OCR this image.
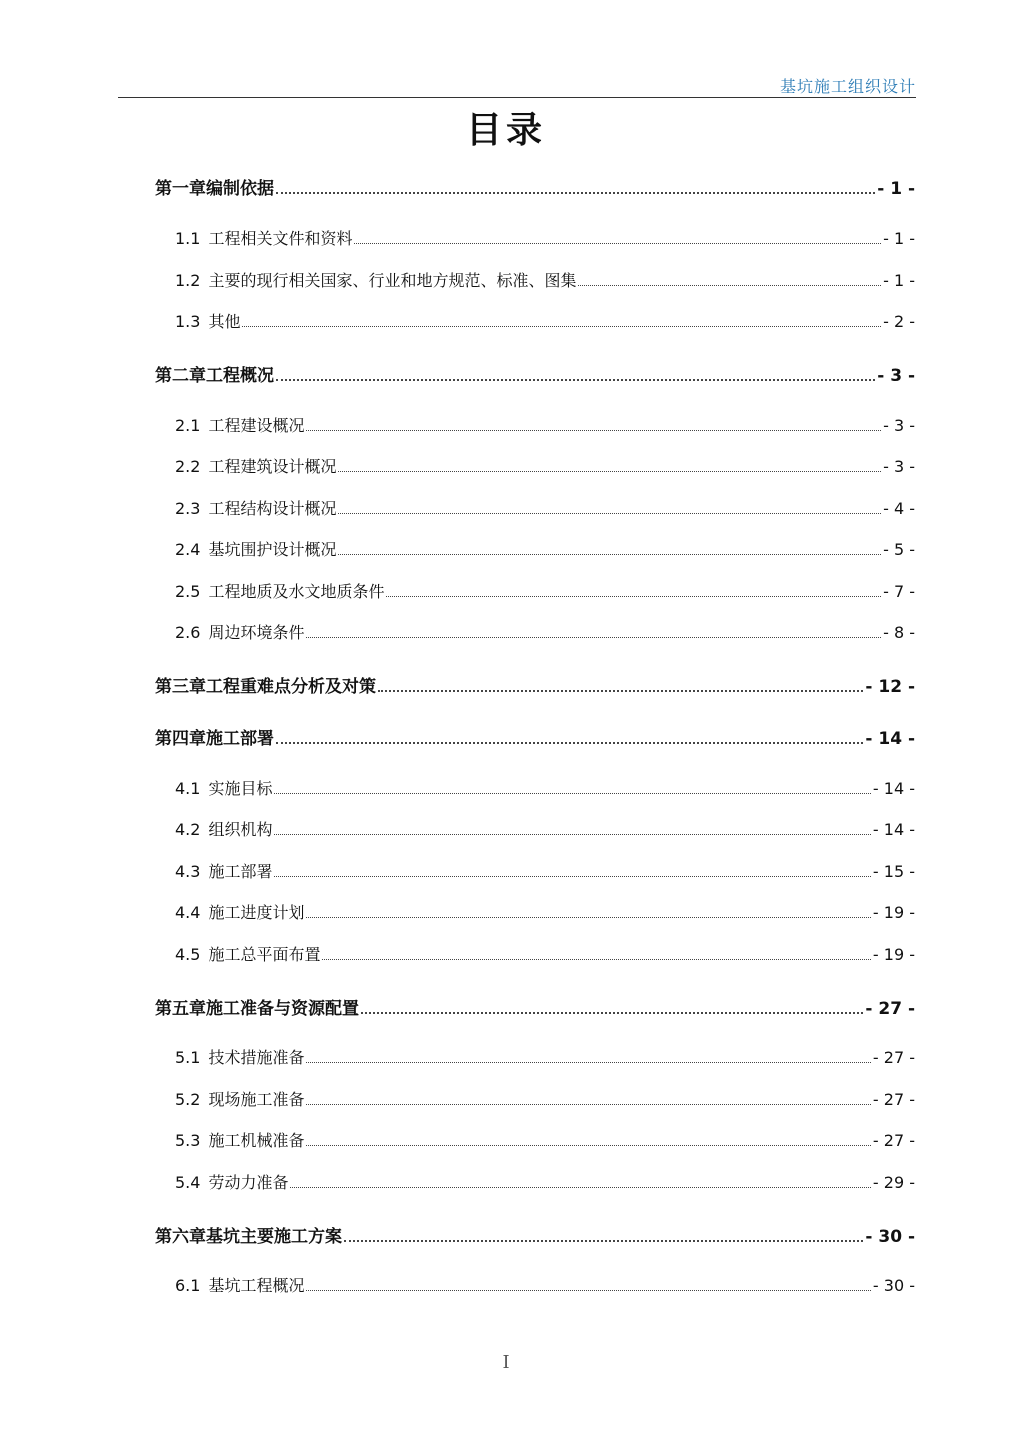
基坑施工组织设计
目录
第一章编制依据	- 1 -
1.1 工程相关文件和资料	- 1 -
1.2 主要的现行相关国家、行业和地方规范、标准、图集	- 1 -
1.3 其他	- 2 -
第二章工程概况	- 3 -
2.1 工程建设概况	- 3 -
2.2 工程建筑设计概况	- 3 -
2.3 工程结构设计概况	- 4 -
2.4 基坑围护设计概况	- 5 -
2.5 工程地质及水文地质条件	- 7 -
2.6 周边环境条件	- 8 -
第三章工程重难点分析及对策	- 12 -
第四章施工部署	- 14 -
4.1 实施目标	- 14 -
4.2 组织机构	- 14 -
4.3 施工部署	- 15 -
4.4 施工进度计划	- 19 -
4.5 施工总平面布置	- 19 -
第五章施工准备与资源配置	- 27 -
5.1 技术措施准备	- 27 -
5.2 现场施工准备	- 27 -
5.3 施工机械准备	- 27 -
5.4 劳动力准备	- 29 -
第六章基坑主要施工方案	- 30 -
6.1 基坑工程概况	- 30 -
I
